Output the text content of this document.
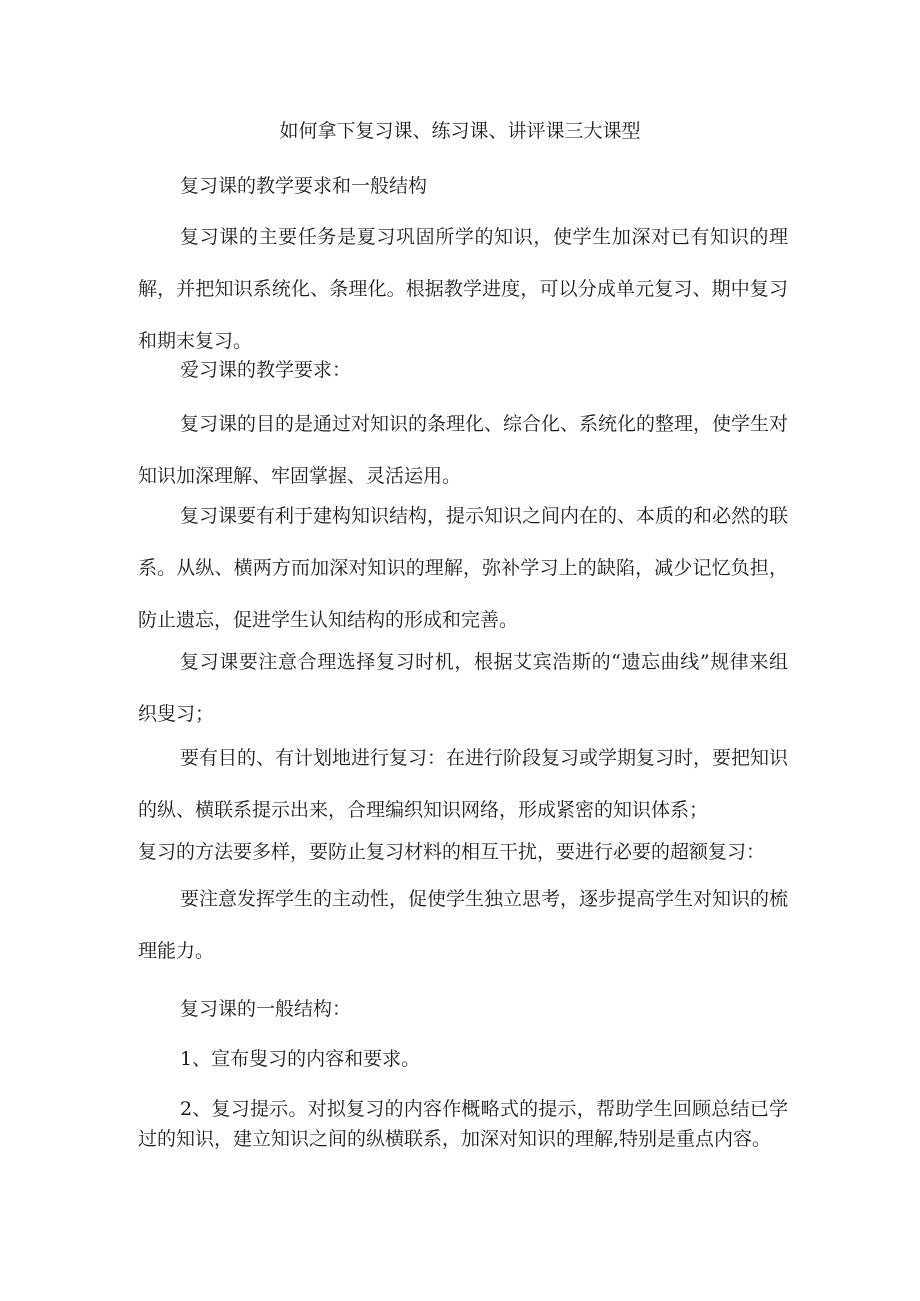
如何拿下复习课、练习课、讲评课三大课型

复习课的教学要求和一般结构

复习课的主要任务是夏习巩固所学的知识，使学生加深对已有知识的理解，并把知识系统化、条理化。根据教学进度，可以分成单元复习、期中复习和期末复习。

爱习课的教学要求：

复习课的目的是通过对知识的条理化、综合化、系统化的整理，使学生对知识加深理解、牢固掌握、灵活运用。

复习课要有利于建构知识结构，提示知识之间内在的、本质的和必然的联系。从纵、横两方而加深对知识的理解，弥补学习上的缺陷，减少记忆负担，防止遗忘，促进学生认知结构的形成和完善。

复习课要注意合理选择复习时机，根据艾宾浩斯的“遗忘曲线”规律来组织叟习；

要有目的、有计划地进行复习：在进行阶段复习或学期复习时，要把知识的纵、横联系提示出来，合理编织知识网络，形成紧密的知识体系；

复习的方法要多样，要防止复习材料的相互干扰，要进行必要的超额复习：

要注意发挥学生的主动性，促使学生独立思考，逐步提高学生对知识的梳理能力。

复习课的一般结构：

1、宣布叟习的内容和要求。

2、复习提示。对拟复习的内容作概略式的提示，帮助学生回顾总结已学过的知识，建立知识之间的纵横联系，加深对知识的理解,特别是重点内容。
